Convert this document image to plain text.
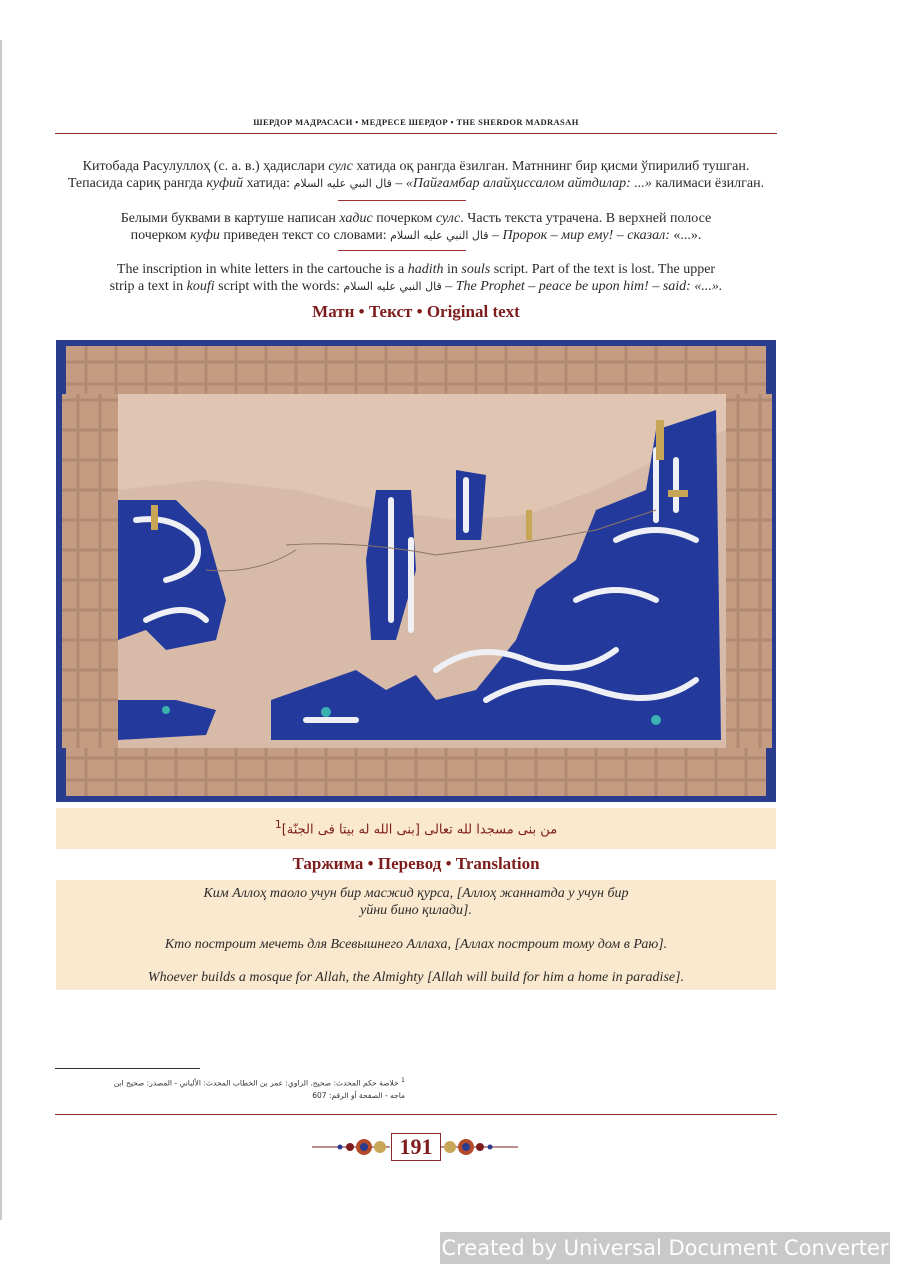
ШЕРДОР МАДРАСАСИ • МЕДРЕСЕ ШЕРДОР • THE SHERDOR MADRASAH
Китобада Расулуллоҳ (с. а. в.) ҳадислари сулс хатида оқ рангда ёзилган. Матннинг бир қисми ўпирилиб тушган.
Тепасида сариқ рангда куфий хатида: قال النبي عليه السلام – «Пайғамбар алайҳиссалом айтдилар: ...» калимаси ёзилган.
Белыми буквами в картуше написан хадис почерком сулс. Часть текста утрачена. В верхней полосе
почерком куфи приведен текст со словами: قال النبي عليه السلام – Пророк – мир ему! – сказал: «...».
The inscription in white letters in the cartouche is a hadith in souls script. Part of the text is lost. The upper
strip a text in koufi script with the words: قال النبي عليه السلام – The Prophet – peace be upon him! – said: «...».
Матн • Текст • Original text
من بنى مسجدا لله تعالى [بنى الله له بيتا فى الجنّة]$^1$
Таржима • Перевод • Translation
Ким Аллоҳ таоло учун бир масжид қурса, [Аллоҳ жаннатда у учун бир
уйни бино қилади].
Кто построит мечеть для Всевышнего Аллаха, [Аллах построит тому дом в Раю].
Whoever builds a mosque for Allah, the Almighty [Allah will build for him a home in paradise].
$^1$ خلاصة حكم المحدث: صحيح. الراوي: عمر بن الخطاب المحدث: الألباني - المصدر: صحيح ابن
ماجه - الصفحة أو الرقم: 607
191
Created by Universal Document Converter
